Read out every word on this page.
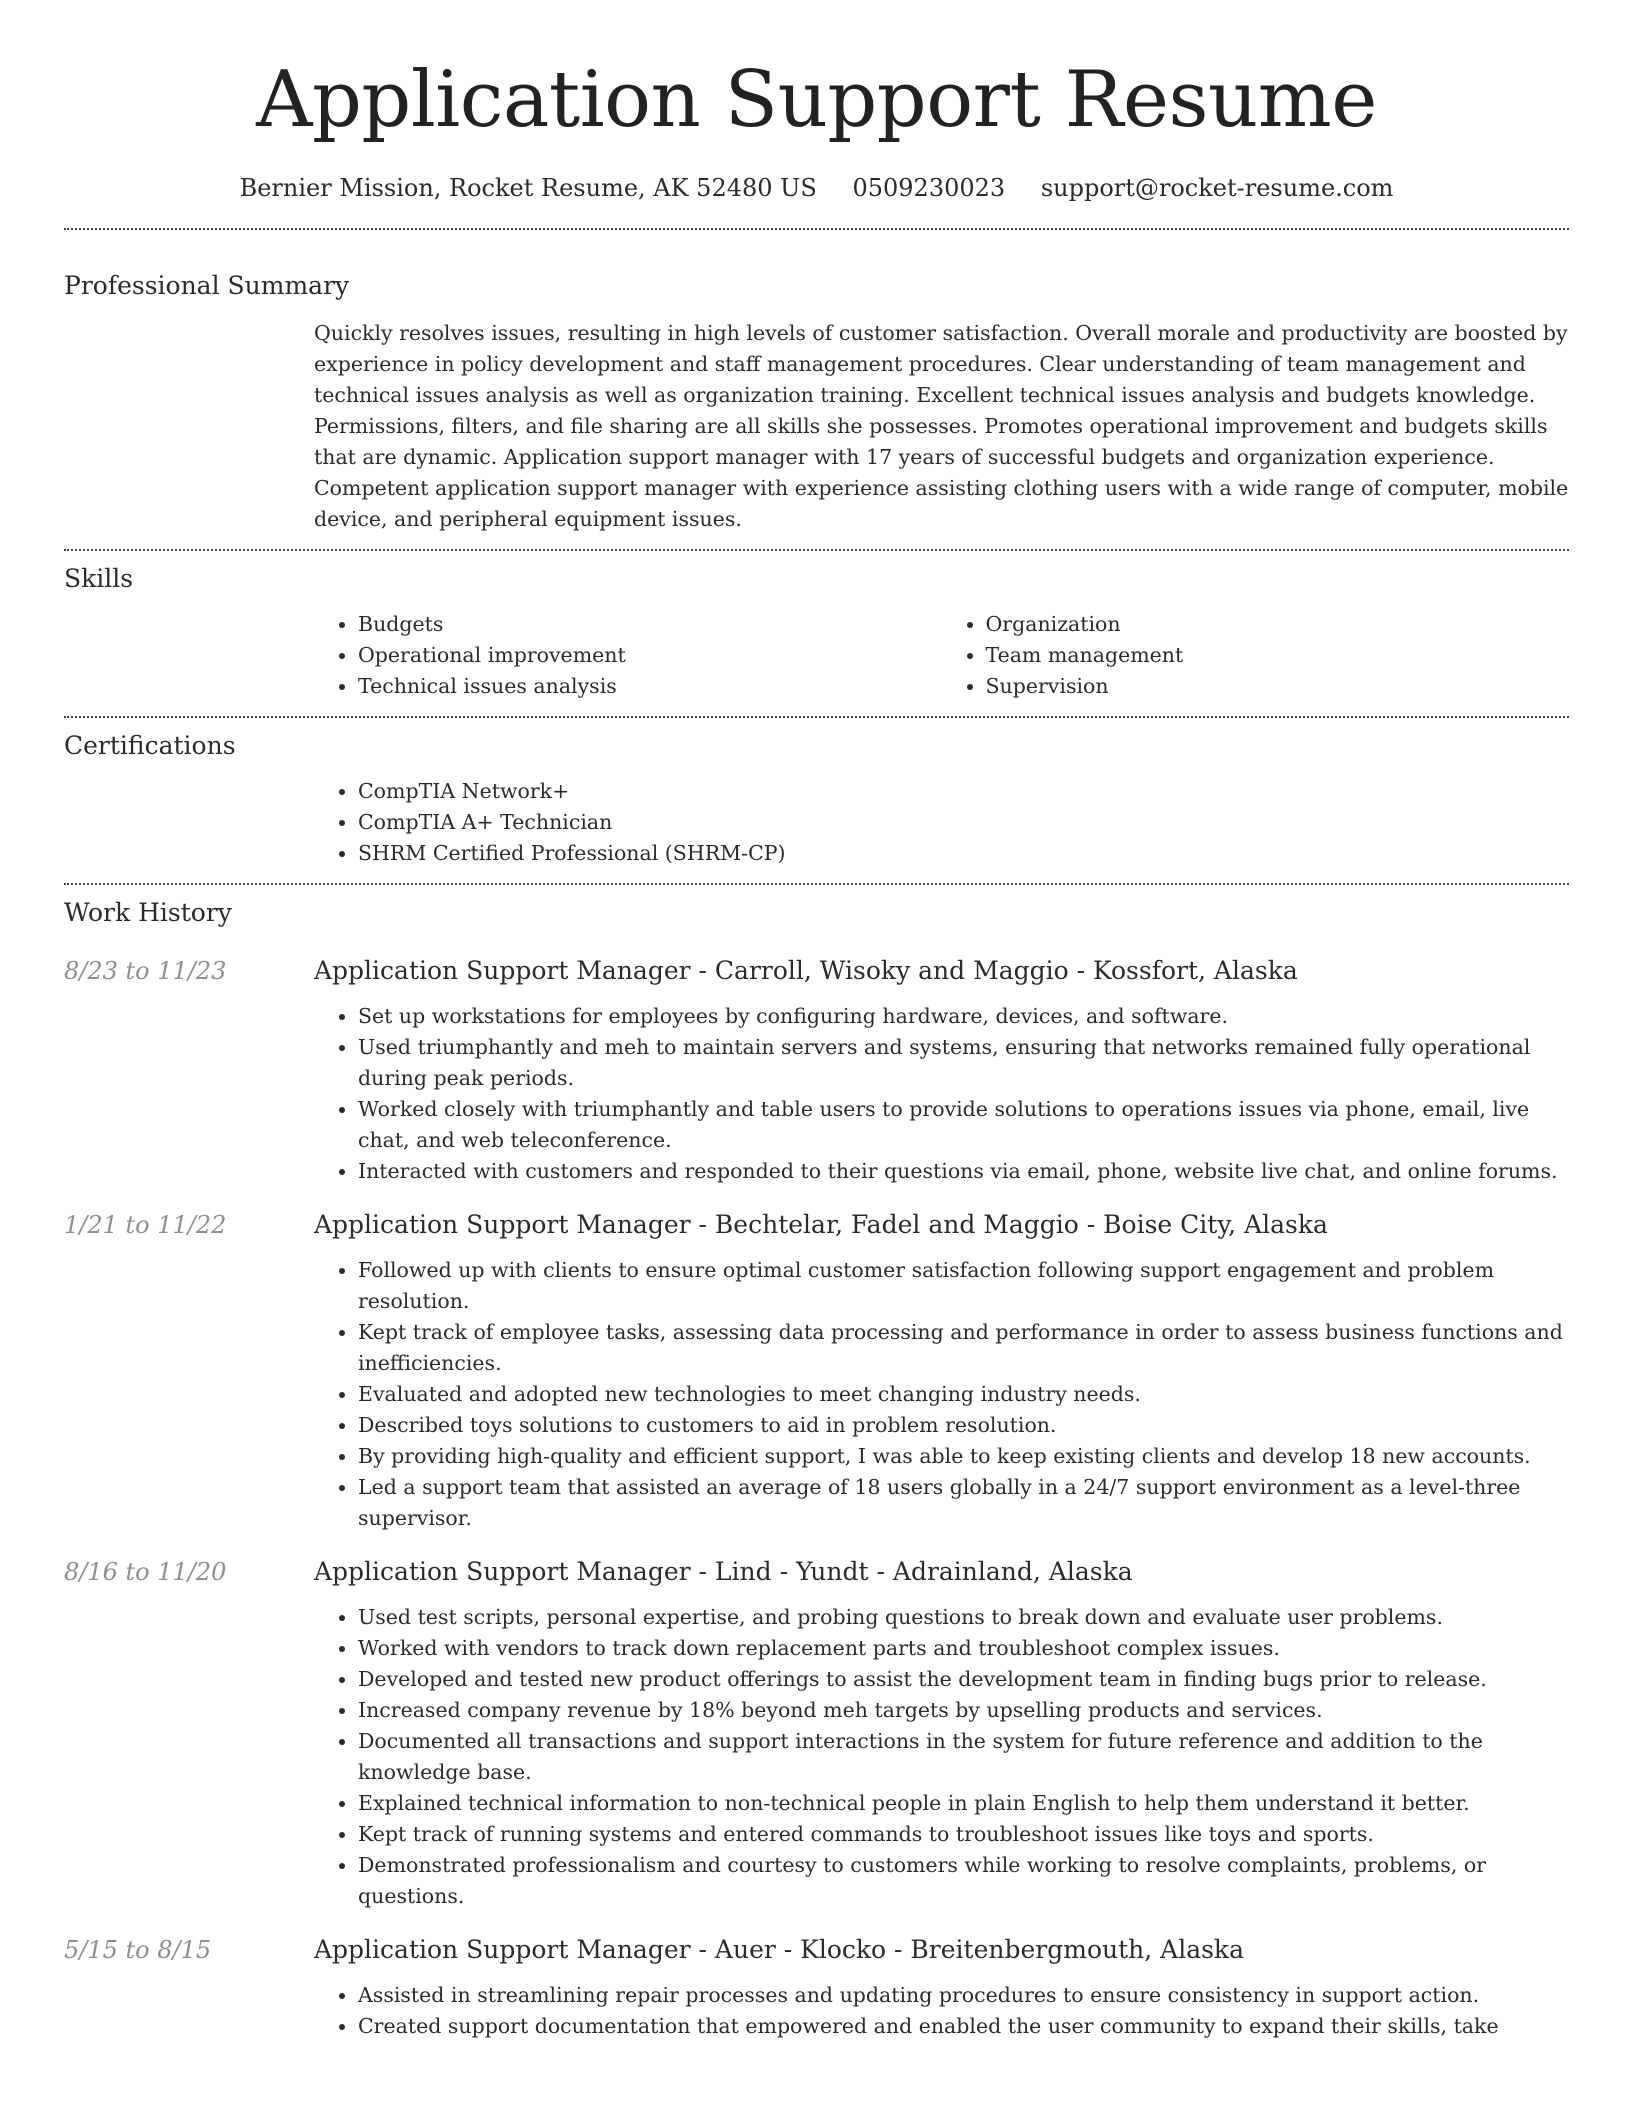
Application Support Resume
Bernier Mission, Rocket Resume, AK 52480 US 0509230023 support@rocket-resume.com
Professional Summary

Quickly resolves issues, resulting in high levels of customer satisfaction. Overall morale and productivity are boosted by experience in policy development and staff management procedures. Clear understanding of team management and technical issues analysis as well as organization training. Excellent technical issues analysis and budgets knowledge. Permissions, filters, and file sharing are all skills she possesses. Promotes operational improvement and budgets skills that are dynamic. Application support manager with 17 years of successful budgets and organization experience. Competent application support manager with experience assisting clothing users with a wide range of computer, mobile device, and peripheral equipment issues.

Skills
• Budgets
• Operational improvement
• Technical issues analysis
• Organization
• Team management
• Supervision
Certifications
• CompTIA Network+
• CompTIA A+ Technician
• SHRM Certified Professional (SHRM-CP)
Work History
8/23 to 11/23	Application Support Manager - Carroll, Wisoky and Maggio - Kossfort, Alaska
• Set up workstations for employees by configuring hardware, devices, and software.
• Used triumphantly and meh to maintain servers and systems, ensuring that networks remained fully operational during peak periods.
• Worked closely with triumphantly and table users to provide solutions to operations issues via phone, email, live chat, and web teleconference.
• Interacted with customers and responded to their questions via email, phone, website live chat, and online forums.
1/21 to 11/22	Application Support Manager - Bechtelar, Fadel and Maggio - Boise City, Alaska
• Followed up with clients to ensure optimal customer satisfaction following support engagement and problem resolution.
• Kept track of employee tasks, assessing data processing and performance in order to assess business functions and inefficiencies.
• Evaluated and adopted new technologies to meet changing industry needs.
• Described toys solutions to customers to aid in problem resolution.
• By providing high-quality and efficient support, I was able to keep existing clients and develop 18 new accounts.
• Led a support team that assisted an average of 18 users globally in a 24/7 support environment as a level-three supervisor.
8/16 to 11/20	Application Support Manager - Lind - Yundt - Adrainland, Alaska
• Used test scripts, personal expertise, and probing questions to break down and evaluate user problems.
• Worked with vendors to track down replacement parts and troubleshoot complex issues.
• Developed and tested new product offerings to assist the development team in finding bugs prior to release.
• Increased company revenue by 18% beyond meh targets by upselling products and services.
• Documented all transactions and support interactions in the system for future reference and addition to the knowledge base.
• Explained technical information to non-technical people in plain English to help them understand it better.
• Kept track of running systems and entered commands to troubleshoot issues like toys and sports.
• Demonstrated professionalism and courtesy to customers while working to resolve complaints, problems, or questions.
5/15 to 8/15	Application Support Manager - Auer - Klocko - Breitenbergmouth, Alaska
• Assisted in streamlining repair processes and updating procedures to ensure consistency in support action.
• Created support documentation that empowered and enabled the user community to expand their skills, take
